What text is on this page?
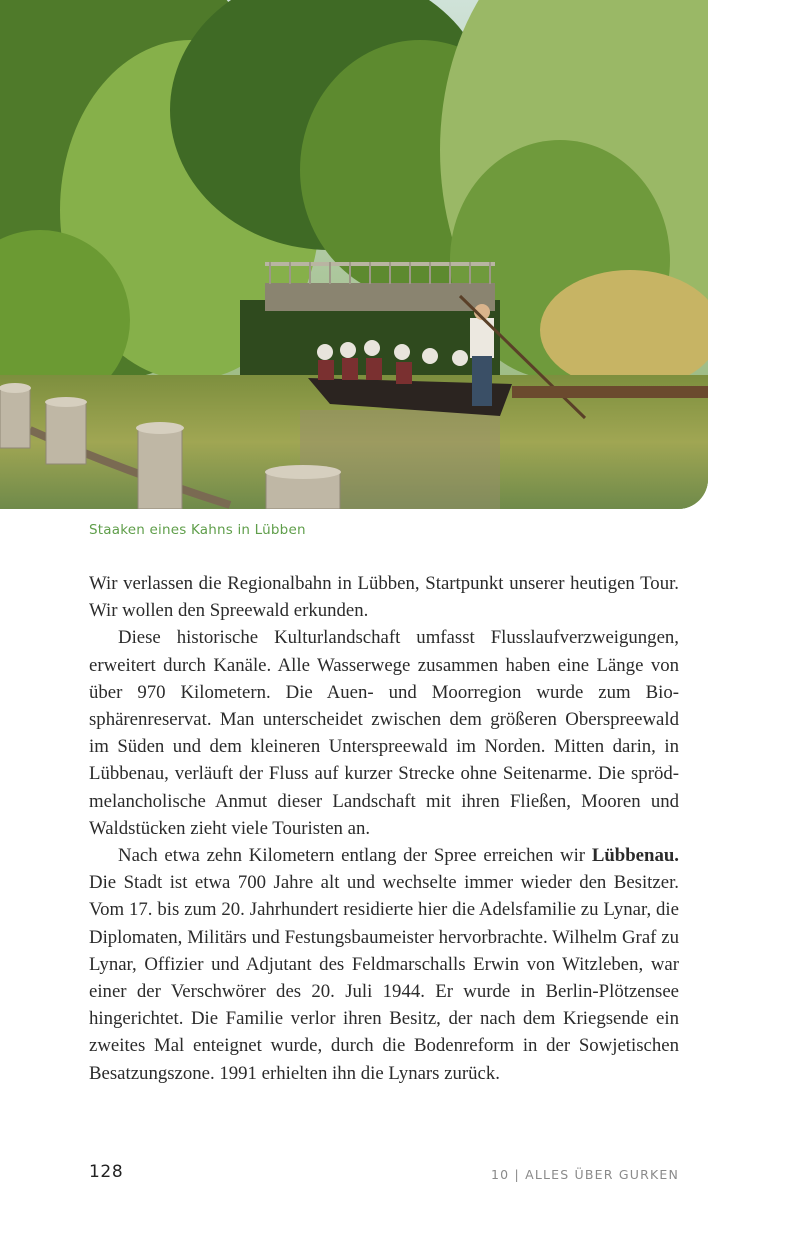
Staaken eines Kahns in Lübben

Wir verlassen die Regionalbahn in Lübben, Startpunkt unserer heutigen Tour. Wir wollen den Spreewald erkunden.

Diese historische Kulturlandschaft umfasst Flusslaufverzweigungen, erweitert durch Kanäle. Alle Wasserwege zusammen haben eine Länge von über 970 Kilometern. Die Auen- und Moorregion wurde zum Biosphärenreservat. Man unterscheidet zwischen dem größeren Oberspreewald im Süden und dem kleineren Unterspreewald im Norden. Mitten darin, in Lübbenau, verläuft der Fluss auf kurzer Strecke ohne Seitenarme. Die spröd-melancholische Anmut dieser Landschaft mit ihren Fließen, Mooren und Waldstücken zieht viele Touristen an.

Nach etwa zehn Kilometern entlang der Spree erreichen wir Lübbenau. Die Stadt ist etwa 700 Jahre alt und wechselte immer wieder den Besitzer. Vom 17. bis zum 20. Jahrhundert residierte hier die Adelsfamilie zu Lynar, die Diplomaten, Militärs und Festungsbaumeister hervorbrachte. Wilhelm Graf zu Lynar, Offizier und Adjutant des Feldmarschalls Erwin von Witzleben, war einer der Verschwörer des 20. Juli 1944. Er wurde in Berlin-Plötzensee hingerichtet. Die Familie verlor ihren Besitz, der nach dem Kriegsende ein zweites Mal enteignet wurde, durch die Bodenreform in der Sowjetischen Besatzungszone. 1991 erhielten ihn die Lynars zurück.

128	10 | ALLES ÜBER GURKEN
